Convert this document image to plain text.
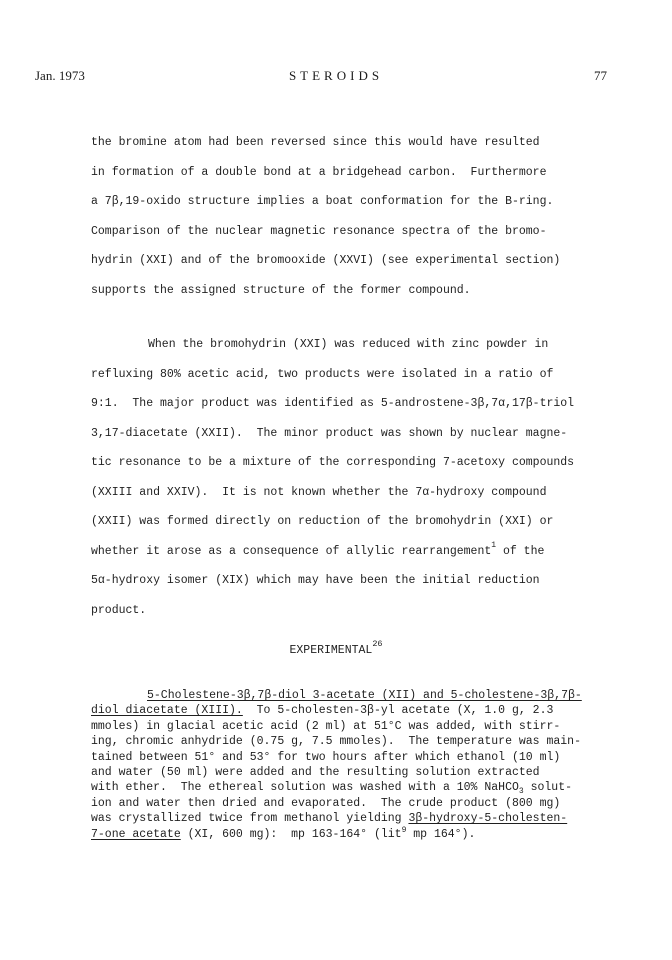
Jan. 1973	STEROIDS	77
the bromine atom had been reversed since this would have resulted
in formation of a double bond at a bridgehead carbon.  Furthermore
a 7β,19-oxido structure implies a boat conformation for the B-ring.
Comparison of the nuclear magnetic resonance spectra of the bromo-
hydrin (XXI) and of the bromooxide (XXVI) (see experimental section)
supports the assigned structure of the former compound.
When the bromohydrin (XXI) was reduced with zinc powder in
refluxing 80% acetic acid, two products were isolated in a ratio of
9:1.  The major product was identified as 5-androstene-3β,7α,17β-triol
3,17-diacetate (XXII).  The minor product was shown by nuclear magne-
tic resonance to be a mixture of the corresponding 7-acetoxy compounds
(XXIII and XXIV).  It is not known whether the 7α-hydroxy compound
(XXII) was formed directly on reduction of the bromohydrin (XXI) or
whether it arose as a consequence of allylic rearrangement$^1$ of the
5α-hydroxy isomer (XIX) which may have been the initial reduction
product.
EXPERIMENTAL$^{26}$
5-Cholestene-3β,7β-diol 3-acetate (XII) and 5-cholestene-3β,7β-
diol diacetate (XIII).  To 5-cholesten-3β-yl acetate (X, 1.0 g, 2.3
mmoles) in glacial acetic acid (2 ml) at 51°C was added, with stirr-
ing, chromic anhydride (0.75 g, 7.5 mmoles).  The temperature was main-
tained between 51° and 53° for two hours after which ethanol (10 ml)
and water (50 ml) were added and the resulting solution extracted
with ether.  The ethereal solution was washed with a 10% NaHCO$_3$ solut-
ion and water then dried and evaporated.  The crude product (800 mg)
was crystallized twice from methanol yielding 3β-hydroxy-5-cholesten-
7-one acetate (XI, 600 mg):  mp 163-164° (lit$^9$ mp 164°).
